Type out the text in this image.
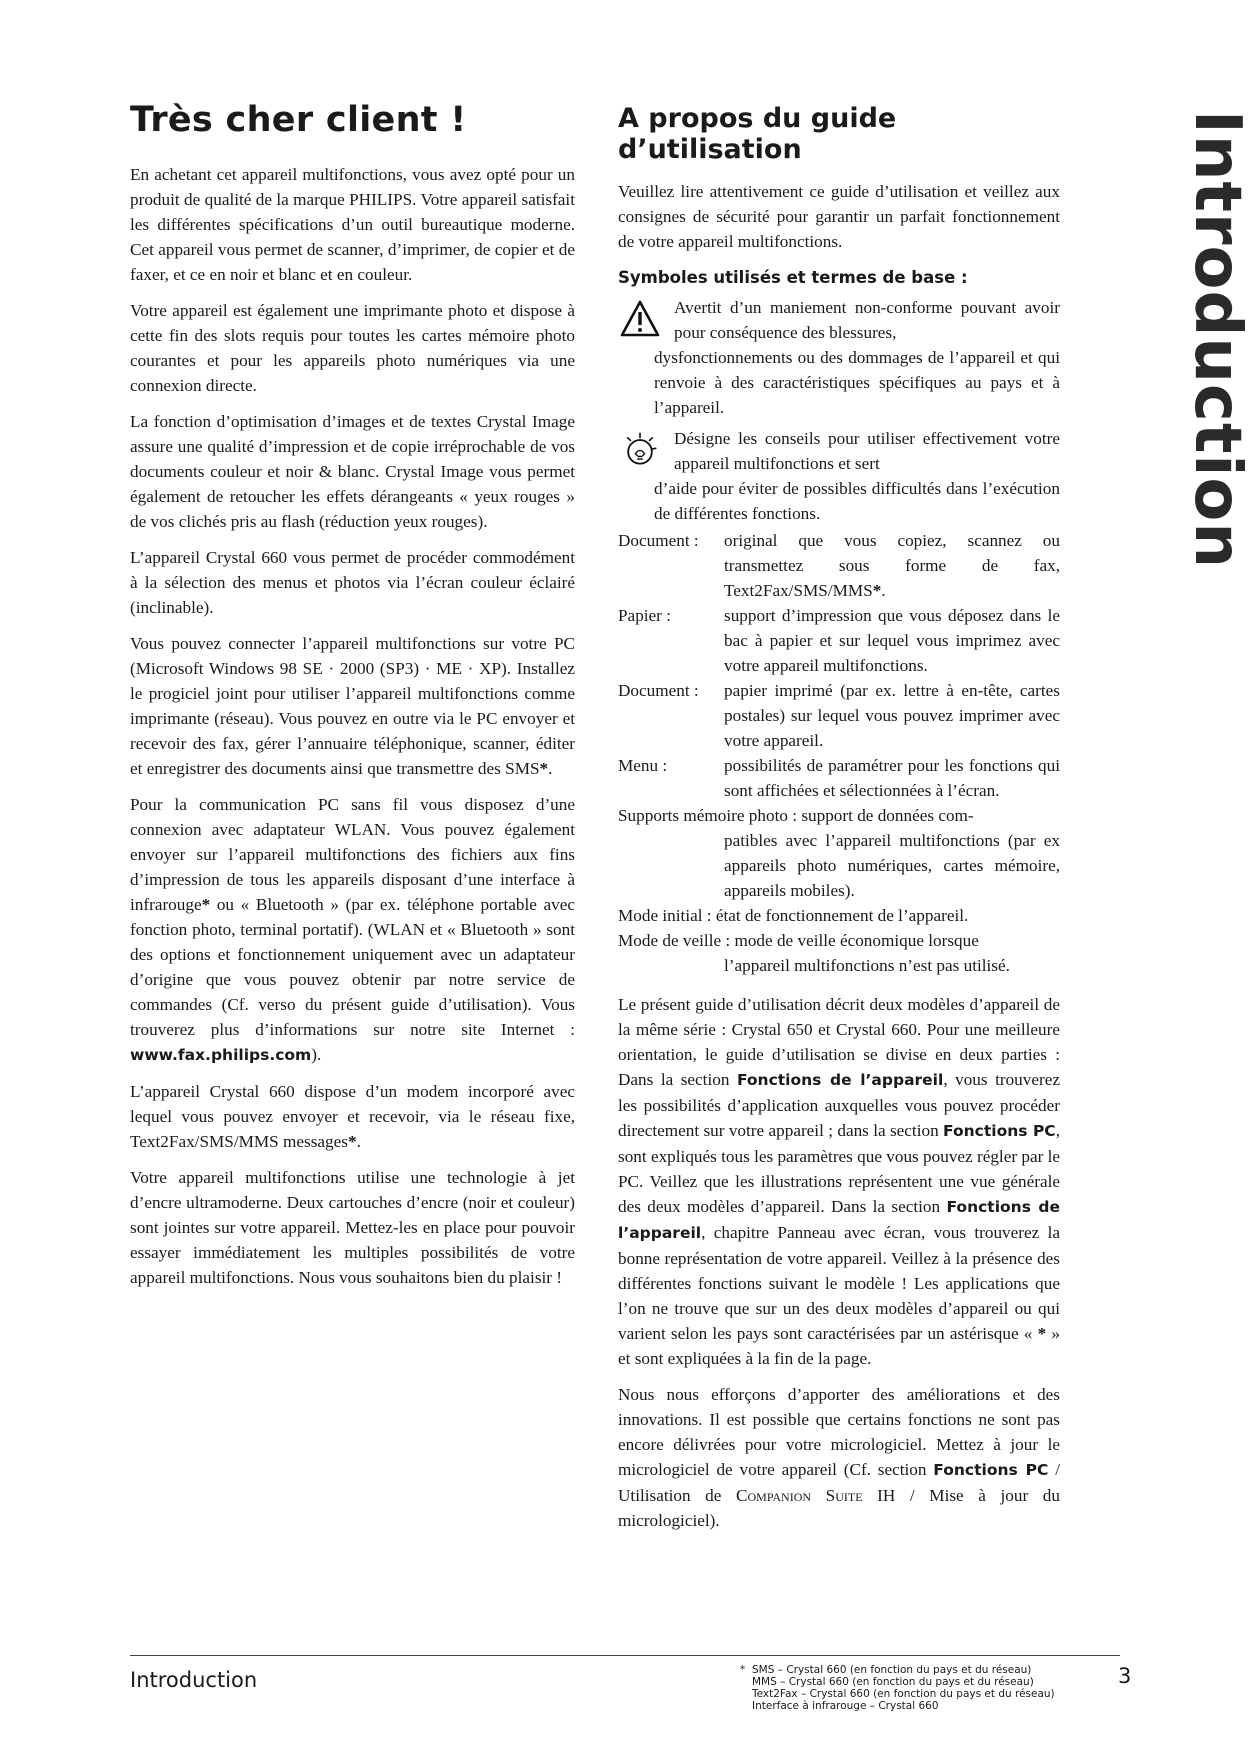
Très cher client !

En achetant cet appareil multifonctions, vous avez opté pour un produit de qualité de la marque PHILIPS. Votre appareil satisfait les différentes spécifications d’un outil bureautique moderne. Cet appareil vous permet de scanner, d’imprimer, de copier et de faxer, et ce en noir et blanc et en couleur.

Votre appareil est également une imprimante photo et dispose à cette fin des slots requis pour toutes les cartes mémoire photo courantes et pour les appareils photo numériques via une connexion directe.

La fonction d’optimisation d’images et de textes Crystal Image assure une qualité d’impression et de copie irréprochable de vos documents couleur et noir & blanc. Crystal Image vous permet également de retoucher les effets dérangeants « yeux rouges » de vos clichés pris au flash (réduction yeux rouges).

L’appareil Crystal 660 vous permet de procéder commodément à la sélection des menus et photos via l’écran couleur éclairé (inclinable).

Vous pouvez connecter l’appareil multifonctions sur votre PC (Microsoft Windows 98 SE · 2000 (SP3) · ME · XP). Installez le progiciel joint pour utiliser l’appareil multifonctions comme imprimante (réseau). Vous pouvez en outre via le PC envoyer et recevoir des fax, gérer l’annuaire téléphonique, scanner, éditer et enregistrer des documents ainsi que transmettre des SMS*.

Pour la communication PC sans fil vous disposez d’une connexion avec adaptateur WLAN. Vous pouvez également envoyer sur l’appareil multifonctions des fichiers aux fins d’impression de tous les appareils disposant d’une interface à infrarouge* ou « Bluetooth » (par ex. téléphone portable avec fonction photo, terminal portatif). (WLAN et « Bluetooth » sont des options et fonctionnement uniquement avec un adaptateur d’origine que vous pouvez obtenir par notre service de commandes (Cf. verso du présent guide d’utilisation). Vous trouverez plus d’informations sur notre site Internet : www.fax.philips.com).

L’appareil Crystal 660 dispose d’un modem incorporé avec lequel vous pouvez envoyer et recevoir, via le réseau fixe, Text2Fax/SMS/MMS messages*.

Votre appareil multifonctions utilise une technologie à jet d’encre ultramoderne. Deux cartouches d’encre (noir et couleur) sont jointes sur votre appareil. Mettez-les en place pour pouvoir essayer immédiatement les multiples possibilités de votre appareil multifonctions. Nous vous souhaitons bien du plaisir !

A propos du guide d’utilisation

Veuillez lire attentivement ce guide d’utilisation et veillez aux consignes de sécurité pour garantir un parfait fonctionnement de votre appareil multifonctions.

Symboles utilisés et termes de base :
Avertit d’un maniement non-conforme pouvant avoir pour conséquence des blessures,
dysfonctionnements ou des dommages de l’appareil et qui renvoie à des caractéristiques spécifiques au pays et à l’appareil.
Désigne les conseils pour utiliser effectivement votre appareil multifonctions et sert
d’aide pour éviter de possibles difficultés dans l’exécution de différentes fonctions.
Document :	original que vous copiez, scannez ou transmettez sous forme de fax, Text2Fax/SMS/MMS*.
Papier :	support d’impression que vous déposez dans le bac à papier et sur lequel vous imprimez avec votre appareil multifonctions.
Document :	papier imprimé (par ex. lettre à en-tête, cartes postales) sur lequel vous pouvez imprimer avec votre appareil.
Menu :	possibilités de paramétrer pour les fonctions qui sont affichées et sélectionnées à l’écran.
Supports mémoire photo : support de données com-
patibles avec l’appareil multifonctions (par ex appareils photo numériques, cartes mémoire, appareils mobiles).
Mode initial : état de fonctionnement de l’appareil.
Mode de veille : mode de veille économique lorsque
l’appareil multifonctions n’est pas utilisé.

Le présent guide d’utilisation décrit deux modèles d’appareil de la même série : Crystal 650 et Crystal 660. Pour une meilleure orientation, le guide d’utilisation se divise en deux parties : Dans la section Fonctions de l’appareil, vous trouverez les possibilités d’application auxquelles vous pouvez procéder directement sur votre appareil ; dans la section Fonctions PC, sont expliqués tous les paramètres que vous pouvez régler par le PC. Veillez que les illustrations représentent une vue générale des deux modèles d’appareil. Dans la section Fonctions de l’appareil, chapitre Panneau avec écran, vous trouverez la bonne représentation de votre appareil. Veillez à la présence des différentes fonctions suivant le modèle ! Les applications que l’on ne trouve que sur un des deux modèles d’appareil ou qui varient selon les pays sont caractérisées par un astérisque « * » et sont expliquées à la fin de la page.

Nous nous efforçons d’apporter des améliorations et des innovations. Il est possible que certains fonctions ne sont pas encore délivrées pour votre micrologiciel. Mettez à jour le micrologiciel de votre appareil (Cf. section Fonctions PC / Utilisation de Companion Suite IH / Mise à jour du micrologiciel).

Introduction
Introduction	* SMS – Crystal 660 (en fonction du pays et du réseau)
MMS – Crystal 660 (en fonction du pays et du réseau)
Text2Fax – Crystal 660 (en fonction du pays et du réseau)
Interface à infrarouge – Crystal 660
3
